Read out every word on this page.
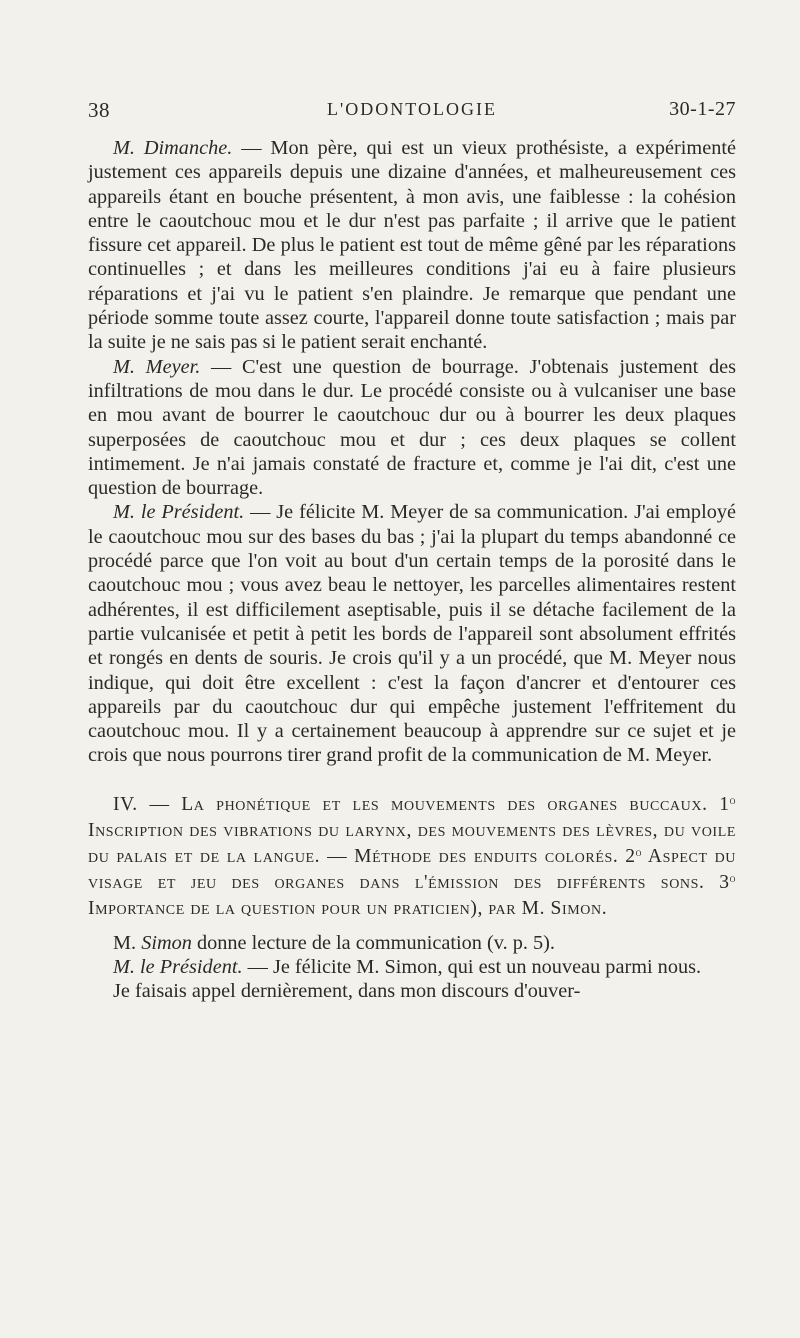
38	L'ODONTOLOGIE	30-1-27

M. Dimanche. — Mon père, qui est un vieux prothésiste, a expérimenté justement ces appareils depuis une dizaine d'années, et malheureusement ces appareils étant en bouche présentent, à mon avis, une faiblesse : la cohésion entre le caoutchouc mou et le dur n'est pas parfaite ; il arrive que le patient fissure cet appareil. De plus le patient est tout de même gêné par les réparations continuelles ; et dans les meilleures conditions j'ai eu à faire plusieurs réparations et j'ai vu le patient s'en plaindre. Je remarque que pendant une période somme toute assez courte, l'appareil donne toute satisfaction ; mais par la suite je ne sais pas si le patient serait enchanté.

M. Meyer. — C'est une question de bourrage. J'obtenais justement des infiltrations de mou dans le dur. Le procédé consiste ou à vulcaniser une base en mou avant de bourrer le caoutchouc dur ou à bourrer les deux plaques superposées de caoutchouc mou et dur ; ces deux plaques se collent intimement. Je n'ai jamais constaté de fracture et, comme je l'ai dit, c'est une question de bourrage.

M. le Président. — Je félicite M. Meyer de sa communication. J'ai employé le caoutchouc mou sur des bases du bas ; j'ai la plupart du temps abandonné ce procédé parce que l'on voit au bout d'un certain temps de la porosité dans le caoutchouc mou ; vous avez beau le nettoyer, les parcelles alimentaires restent adhérentes, il est difficilement aseptisable, puis il se détache facilement de la partie vulcanisée et petit à petit les bords de l'appareil sont absolument effrités et rongés en dents de souris. Je crois qu'il y a un procédé, que M. Meyer nous indique, qui doit être excellent : c'est la façon d'ancrer et d'entourer ces appareils par du caoutchouc dur qui empêche justement l'effritement du caoutchouc mou. Il y a certainement beaucoup à apprendre sur ce sujet et je crois que nous pourrons tirer grand profit de la communication de M. Meyer.

IV. — La phonétique et les mouvements des organes buccaux. 1$^o$ Inscription des vibrations du larynx, des mouvements des lèvres, du voile du palais et de la langue. — Méthode des enduits colorés. 2$^o$ Aspect du visage et jeu des organes dans l'émission des différents sons. 3$^o$ Importance de la question pour un praticien), par M. Simon.

M. Simon donne lecture de la communication (v. p. 5).

M. le Président. — Je félicite M. Simon, qui est un nouveau parmi nous.

Je faisais appel dernièrement, dans mon discours d'ouver-
